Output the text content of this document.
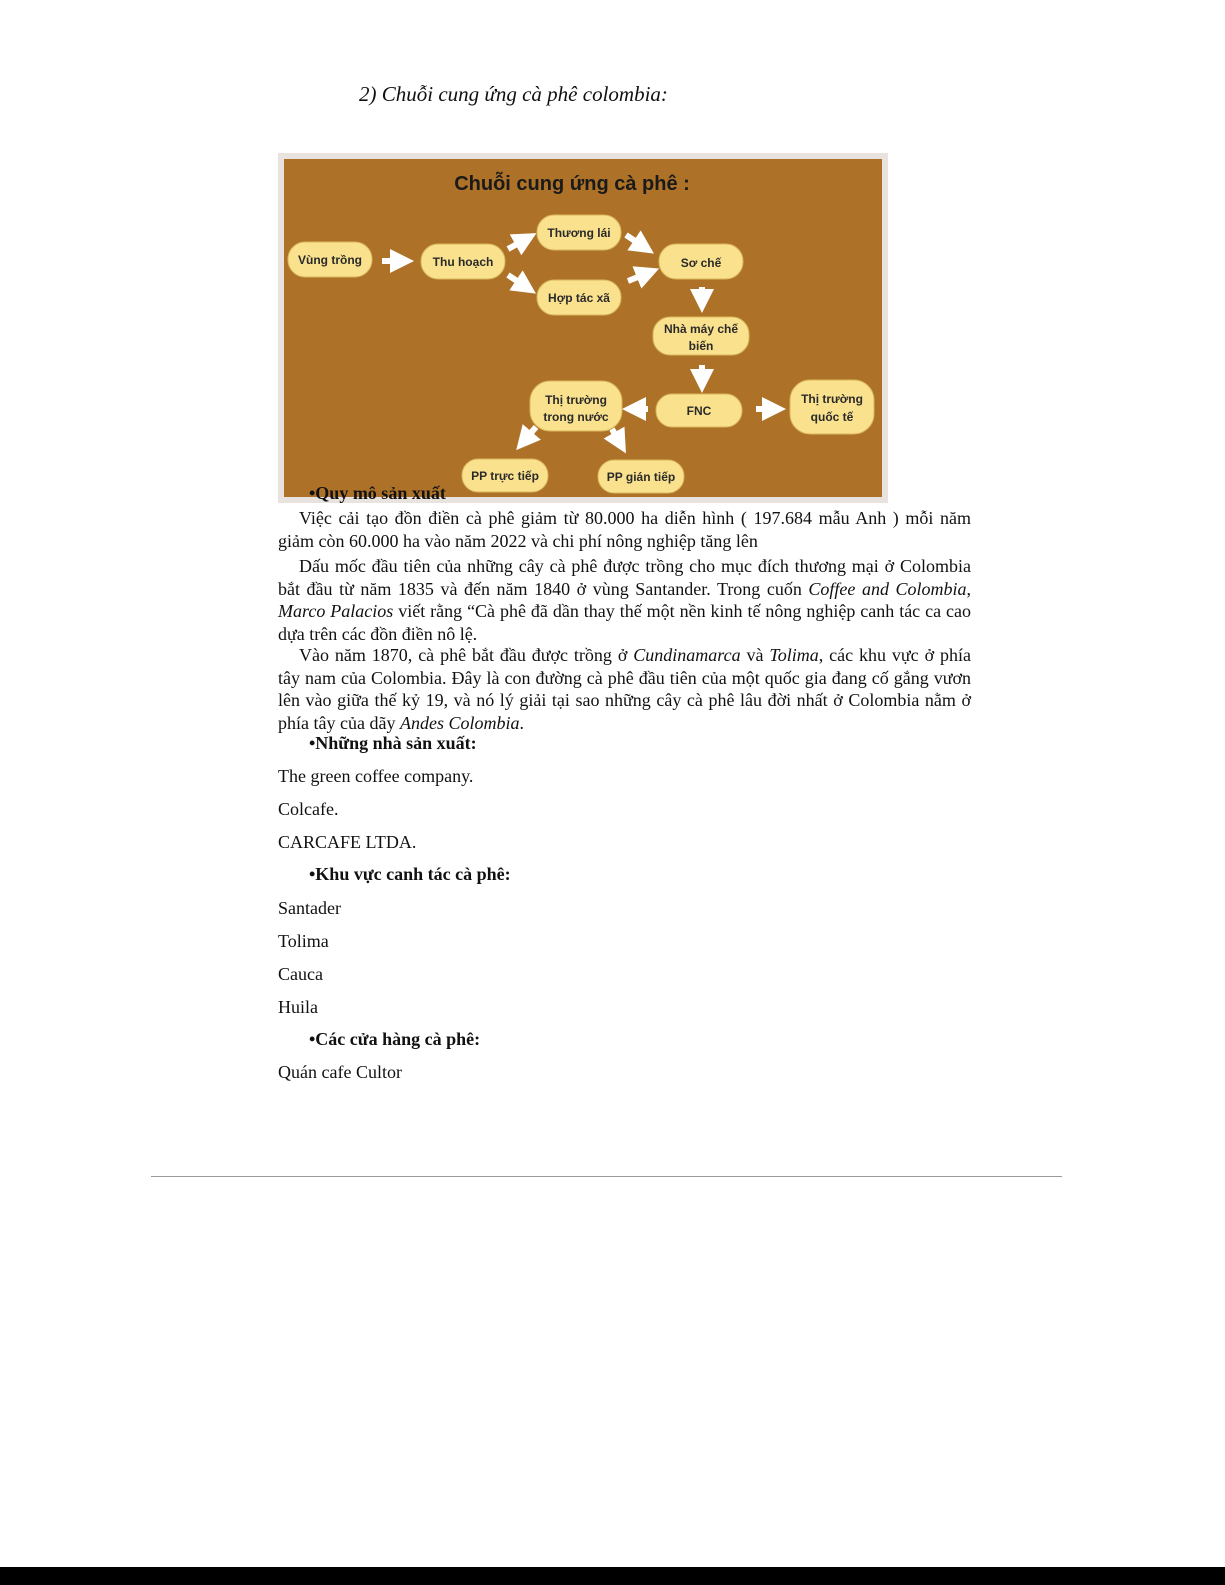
2) Chuỗi cung ứng cà phê colombia:
Chuỗi cung ứng cà phê :
Vùng trồng	Thu hoạch
Thương lái
Hợp tác xã
Sơ chế
Nhà máy chế
biến
FNC
Thị trường
trong nước
Thị trường
quốc tế
PP trực tiếp	PP gián tiếp

•Quy mô sản xuất

Việc cải tạo đồn điền cà phê giảm từ 80.000 ha diễn hình ( 197.684 mẫu Anh ) mỗi năm giảm còn 60.000 ha vào năm 2022 và chi phí nông nghiệp tăng lên

Dấu mốc đầu tiên của những cây cà phê được trồng cho mục đích thương mại ở Colombia bắt đầu từ năm 1835 và đến năm 1840 ở vùng Santander. Trong cuốn Coffee and Colombia, Marco Palacios viết rằng “Cà phê đã dần thay thế một nền kinh tế nông nghiệp canh tác ca cao dựa trên các đồn điền nô lệ.

Vào năm 1870, cà phê bắt đầu được trồng ở Cundinamarca và Tolima, các khu vực ở phía tây nam của Colombia. Đây là con đường cà phê đầu tiên của một quốc gia đang cố gắng vươn lên vào giữa thế kỷ 19, và nó lý giải tại sao những cây cà phê lâu đời nhất ở Colombia nằm ở phía tây của dãy Andes Colombia.

•Những nhà sản xuất:

The green coffee company.

Colcafe.

CARCAFE LTDA.

•Khu vực canh tác cà phê:

Santader

Tolima

Cauca

Huila

•Các cửa hàng cà phê:

Quán cafe Cultor
